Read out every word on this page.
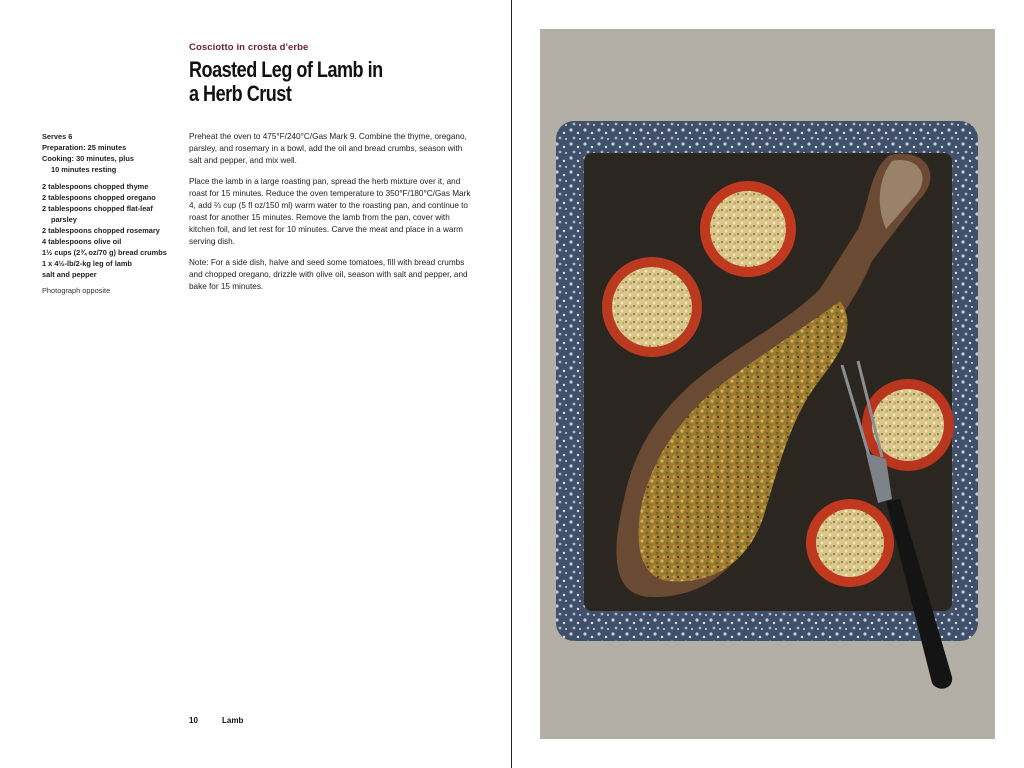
Cosciotto in crosta d'erbe
Roasted Leg of Lamb in
a Herb Crust
Serves 6
Preparation: 25 minutes
Cooking: 30 minutes, plus
10 minutes resting
2 tablespoons chopped thyme
2 tablespoons chopped oregano
2 tablespoons chopped flat-leaf
parsley
2 tablespoons chopped rosemary
4 tablespoons olive oil
1½ cups (2¾ oz/70 g) bread crumbs
1 x 4½-lb/2-kg leg of lamb
salt and pepper
Photograph opposite

Preheat the oven to 475°F/240°C/Gas Mark 9. Combine the thyme, oregano, parsley, and rosemary in a bowl, add the oil and bread crumbs, season with salt and pepper, and mix well.

Place the lamb in a large roasting pan, spread the herb mixture over it, and roast for 15 minutes. Reduce the oven temperature to 350°F/180°C/Gas Mark 4, add ⅔ cup (5 fl oz/150 ml) warm water to the roasting pan, and continue to roast for another 15 minutes. Remove the lamb from the pan, cover with kitchen foil, and let rest for 10 minutes. Carve the meat and place in a warm serving dish.

Note: For a side dish, halve and seed some tomatoes, fill with bread crumbs and chopped oregano, drizzle with olive oil, season with salt and pepper, and bake for 15 minutes.

10	Lamb
